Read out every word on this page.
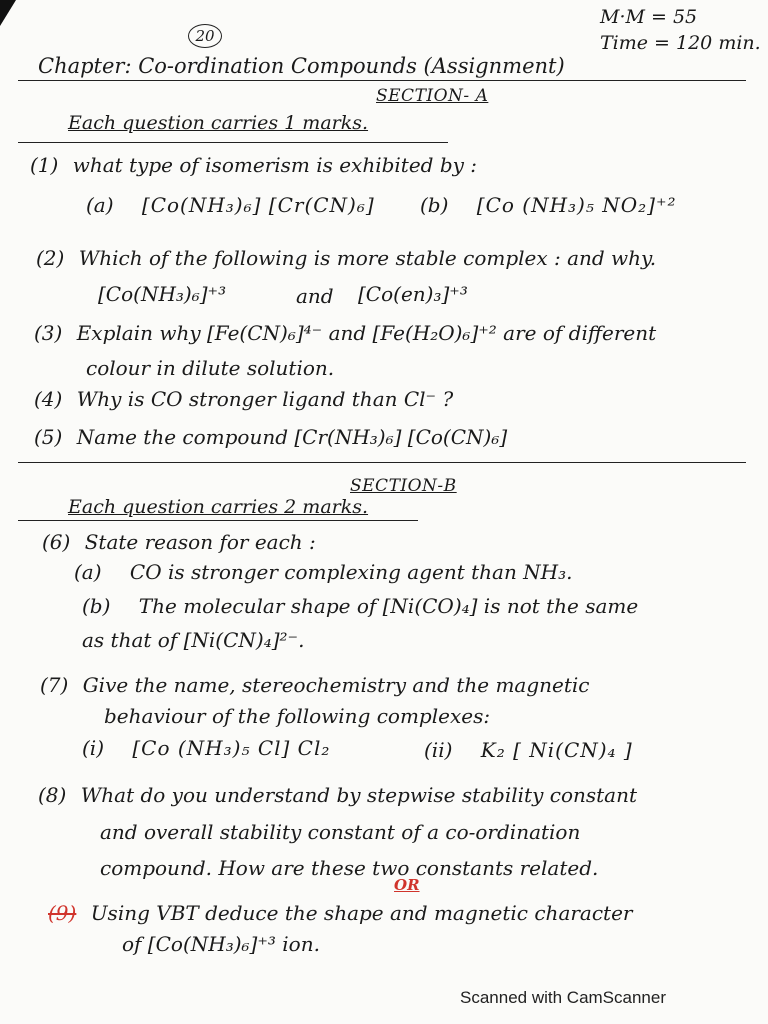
20
M·M = 55
Time = 120 min.
Chapter: Co-ordination Compounds (Assignment)
SECTION- A
Each question carries 1 marks.
(1) what type of isomerism is exhibited by :
(a) [Co(NH₃)₆] [Cr(CN)₆] (b) [Co (NH₃)₅ NO₂]⁺²
(2) Which of the following is more stable complex : and why.
[Co(NH₃)₆]⁺³	and [Co(en)₃]⁺³
(3) Explain why [Fe(CN)₆]⁴⁻ and [Fe(H₂O)₆]⁺² are of different
colour in dilute solution.
(4) Why is CO stronger ligand than Cl⁻ ?
(5) Name the compound [Cr(NH₃)₆] [Co(CN)₆]
SECTION-B
Each question carries 2 marks.
(6) State reason for each :
(a) CO is stronger complexing agent than NH₃.
(b) The molecular shape of [Ni(CO)₄] is not the same
as that of [Ni(CN)₄]²⁻.
(7) Give the name, stereochemistry and the magnetic
behaviour of the following complexes:
(i) [Co (NH₃)₅ Cl] Cl₂	(ii) K₂ [ Ni(CN)₄ ]
(8) What do you understand by stepwise stability constant
and overall stability constant of a co-ordination
compound. How are these two constants related.
OR
(9) Using VBT deduce the shape and magnetic character
of [Co(NH₃)₆]⁺³ ion.
Scanned with CamScanner
